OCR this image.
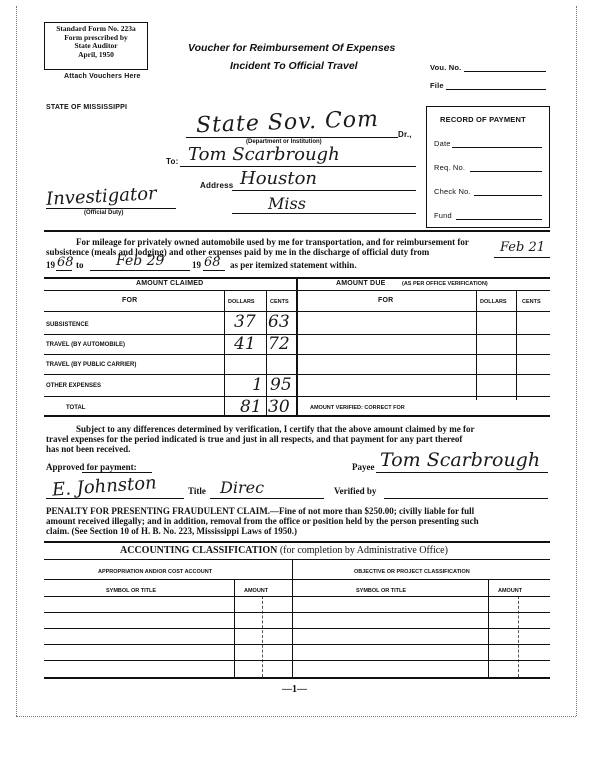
Standard Form No. 223a
Form prescribed by
State Auditor
April, 1950
Attach Vouchers Here
Voucher for Reimbursement Of Expenses
Incident To Official Travel	Vou. No.
File
STATE OF MISSISSIPPI	State Sov. Com Dr.,
(Department or Institution)
To: Tom Scarbrough
Address Houston
Miss
Investigator
(Official Duty)
RECORD OF PAYMENT
Date
Req. No.
Check No.
Fund
For mileage for privately owned automobile used by me for transportation, and for reimbursement for
subsistence (meals and lodging) and other expenses paid by me in the discharge of official duty from	Feb 21
19 68 to Feb 29	19 68 as per itemized statement within.
AMOUNT CLAIMED	AMOUNT DUE	(AS PER OFFICE VERIFICATION)
FOR	DOLLARS	CENTS	FOR	DOLLARS	CENTS
SUBSISTENCE	37 63
TRAVEL (BY AUTOMOBILE)	41 72
TRAVEL (BY PUBLIC CARRIER)
OTHER EXPENSES	1 95
TOTAL	81 30	AMOUNT VERIFIED: CORRECT FOR
Subject to any differences determined by verification, I certify that the above amount claimed by me for
travel expenses for the period indicated is true and just in all respects, and that payment for any part thereof
has not been received.
Approved for payment:	Payee Tom Scarbrough
E. Johnston	Title Direc	Verified by
PENALTY FOR PRESENTING FRAUDULENT CLAIM.—Fine of not more than $250.00; civilly liable for full
amount received illegally; and in addition, removal from the office or position held by the person presenting such
claim. (See Section 10 of H. B. No. 223, Mississippi Laws of 1950.)
ACCOUNTING CLASSIFICATION (for completion by Administrative Office)
APPROPRIATION AND/OR COST ACCOUNT	OBJECTIVE OR PROJECT CLASSIFICATION
SYMBOL OR TITLE	AMOUNT	SYMBOL OR TITLE	AMOUNT
—1—
